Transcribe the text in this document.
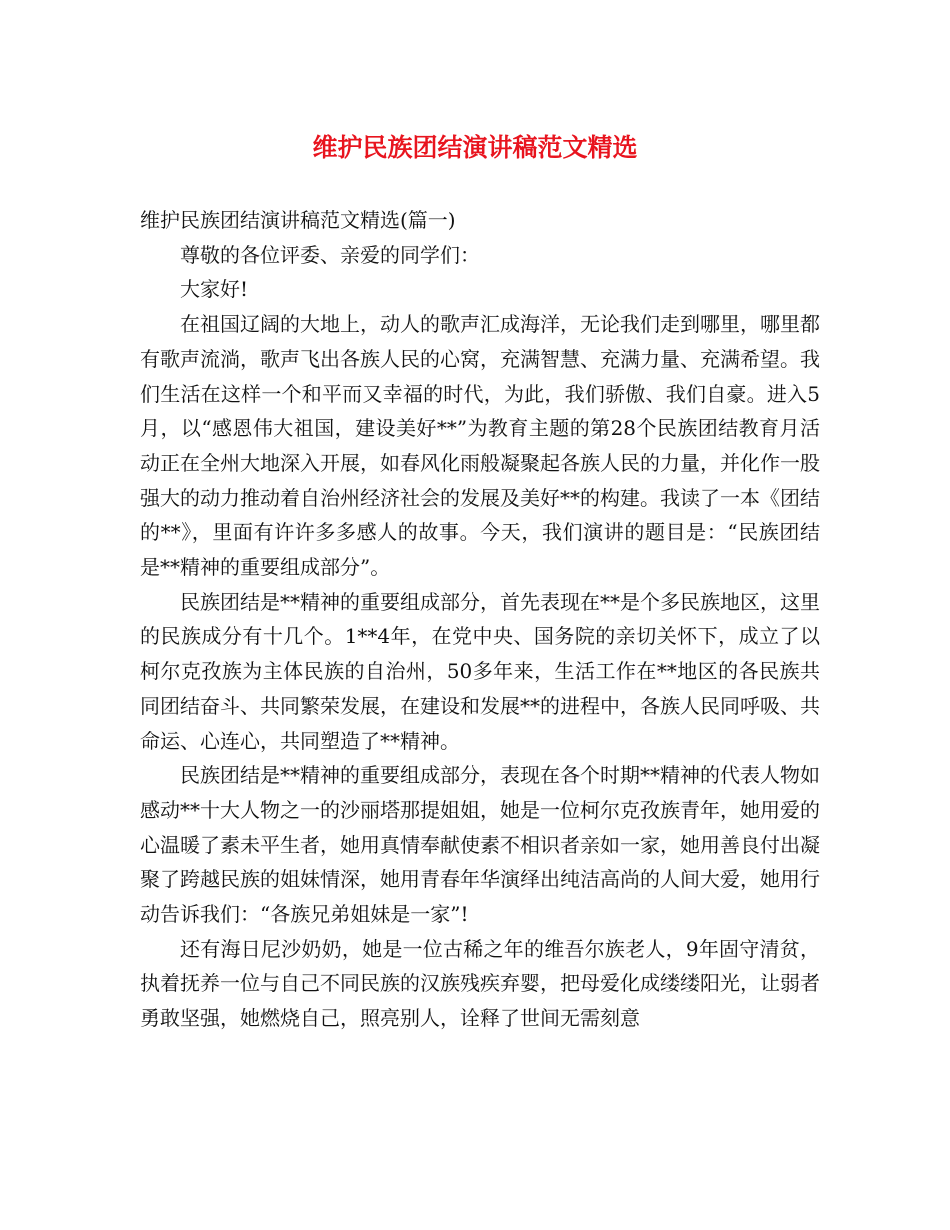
维护民族团结演讲稿范文精选

维护民族团结演讲稿范文精选(篇一)

尊敬的各位评委、亲爱的同学们：

大家好!

在祖国辽阔的大地上，动人的歌声汇成海洋，无论我们走到哪里，哪里都有歌声流淌，歌声飞出各族人民的心窝，充满智慧、充满力量、充满希望。我们生活在这样一个和平而又幸福的时代，为此，我们骄傲、我们自豪。进入5月，以“感恩伟大祖国，建设美好**”为教育主题的第28个民族团结教育月活动正在全州大地深入开展，如春风化雨般凝聚起各族人民的力量，并化作一股强大的动力推动着自治州经济社会的发展及美好**的构建。我读了一本《团结的**》，里面有许许多多感人的故事。今天，我们演讲的题目是：“民族团结是**精神的重要组成部分”。

民族团结是**精神的重要组成部分，首先表现在**是个多民族地区，这里的民族成分有十几个。1**4年，在党中央、国务院的亲切关怀下，成立了以柯尔克孜族为主体民族的自治州，50多年来，生活工作在**地区的各民族共同团结奋斗、共同繁荣发展，在建设和发展**的进程中，各族人民同呼吸、共命运、心连心，共同塑造了**精神。

民族团结是**精神的重要组成部分，表现在各个时期**精神的代表人物如感动**十大人物之一的沙丽塔那提姐姐，她是一位柯尔克孜族青年，她用爱的心温暖了素未平生者，她用真情奉献使素不相识者亲如一家，她用善良付出凝聚了跨越民族的姐妹情深，她用青春年华演绎出纯洁高尚的人间大爱，她用行动告诉我们：“各族兄弟姐妹是一家”!

还有海日尼沙奶奶，她是一位古稀之年的维吾尔族老人，9年固守清贫，执着抚养一位与自己不同民族的汉族残疾弃婴，把母爱化成缕缕阳光，让弱者勇敢坚强，她燃烧自己，照亮别人，诠释了世间无需刻意
